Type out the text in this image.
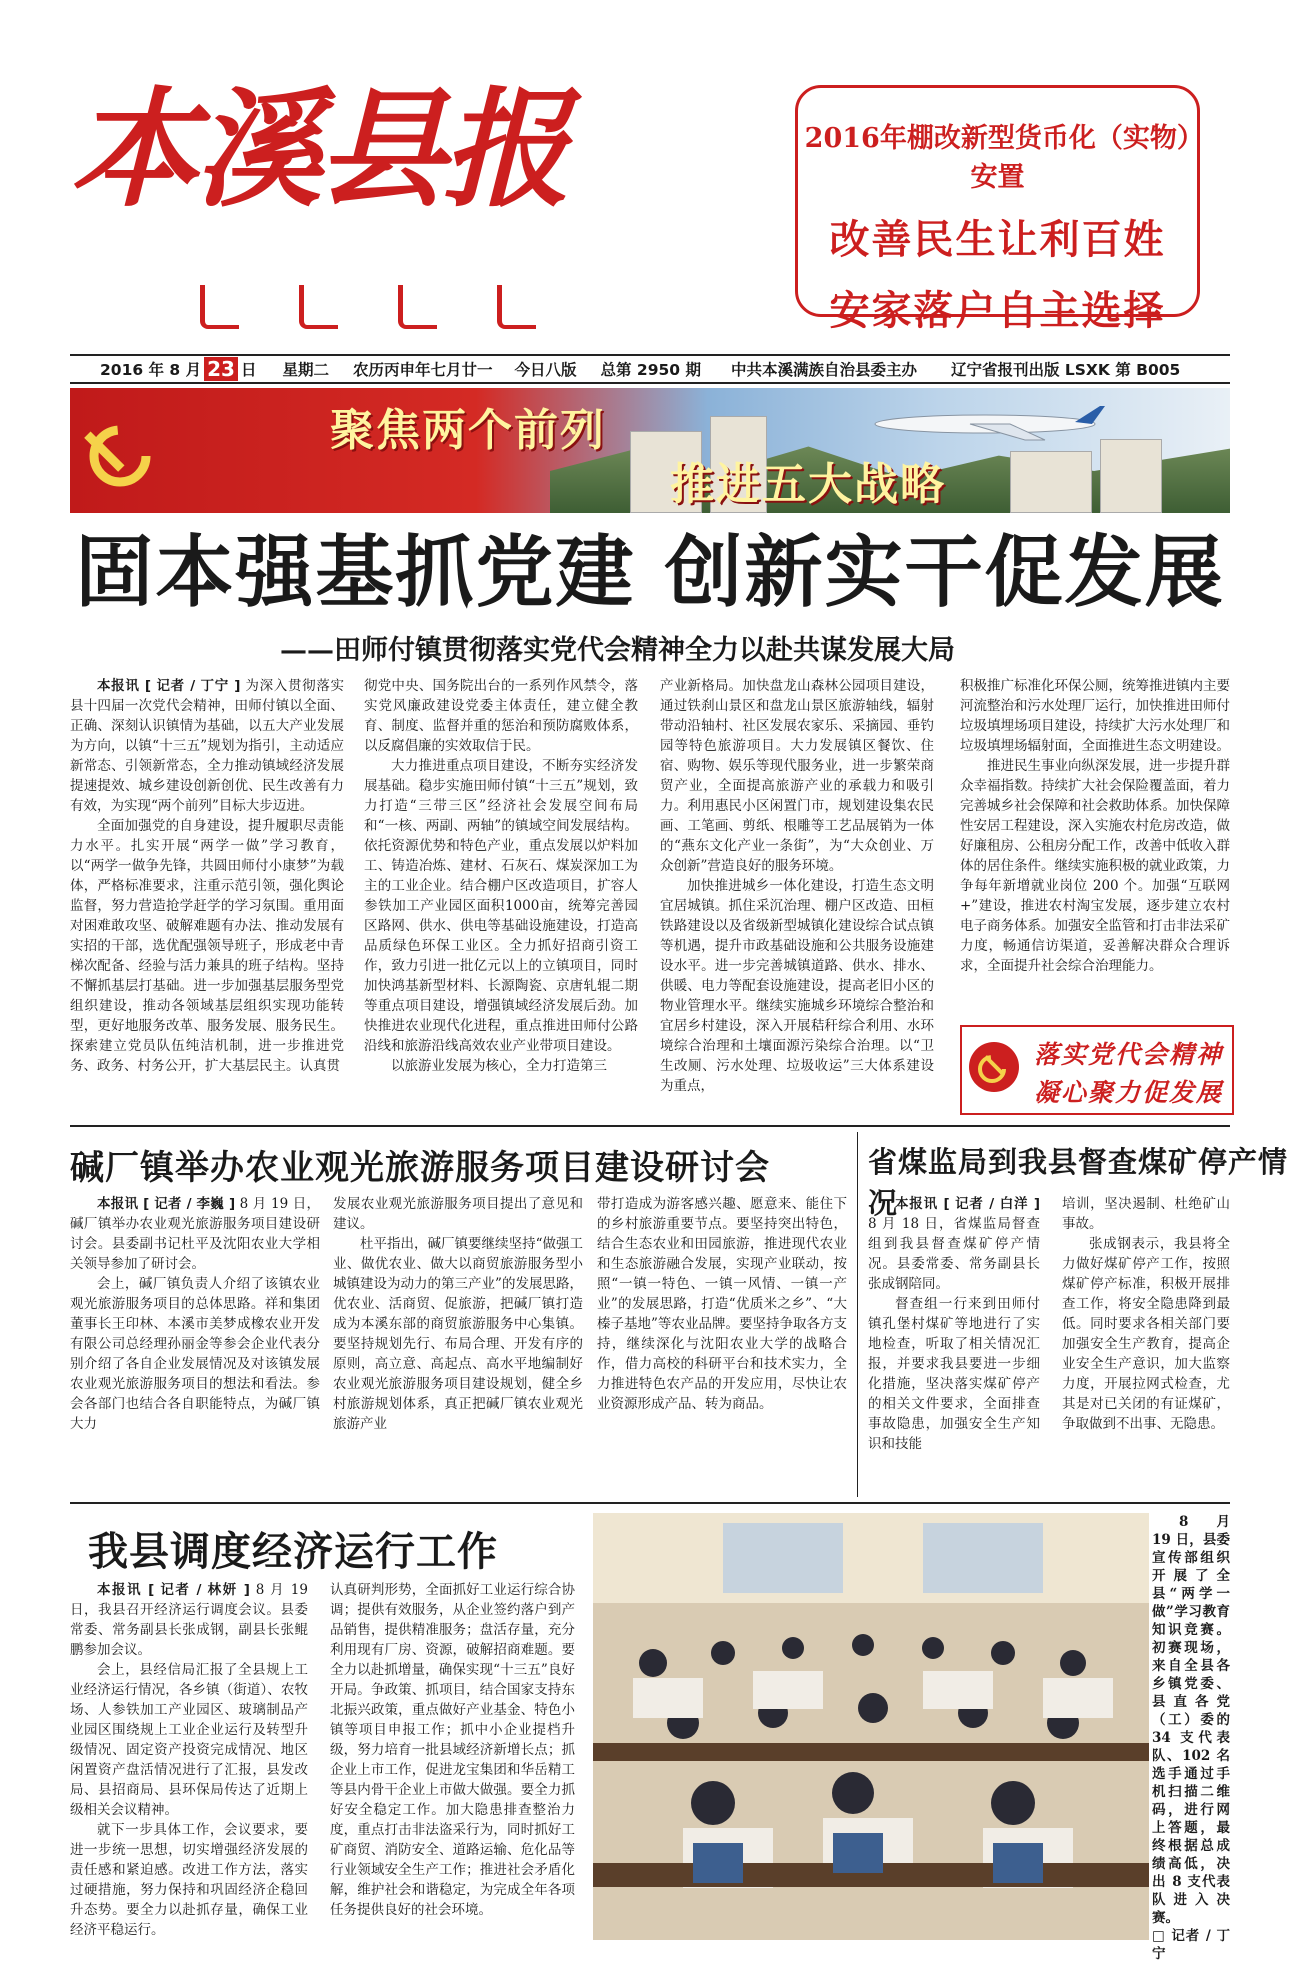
本溪县报	2016年棚改新型货币化（实物）安置
改善民生让利百姓
安家落户自主选择
2016 年 8 月 23 日 星期二 农历丙申年七月廿一 今日八版 总第 2950 期 中共本溪满族自治县委主办 辽宁省报刊出版 LSXK 第 B005
聚焦两个前列
推进五大战略
固本强基抓党建 创新实干促发展
——田师付镇贯彻落实党代会精神全力以赴共谋发展大局

本报讯 [ 记者 / 丁宁 ] 为深入贯彻落实县十四届一次党代会精神，田师付镇以全面、正确、深刻认识镇情为基础，以五大产业发展为方向，以镇“十三五”规划为指引，主动适应新常态、引领新常态，全力推动镇域经济发展提速提效、城乡建设创新创优、民生改善有力有效，为实现“两个前列”目标大步迈进。

全面加强党的自身建设，提升履职尽责能力水平。扎实开展“两学一做”学习教育，以“两学一做争先锋，共圆田师付小康梦”为载体，严格标准要求，注重示范引领，强化舆论监督，努力营造抢学赶学的学习氛围。重用面对困难敢攻坚、破解难题有办法、推动发展有实招的干部，选优配强领导班子，形成老中青梯次配备、经验与活力兼具的班子结构。坚持不懈抓基层打基础。进一步加强基层服务型党组织建设，推动各领域基层组织实现功能转型，更好地服务改革、服务发展、服务民生。探索建立党员队伍纯洁机制，进一步推进党务、政务、村务公开，扩大基层民主。认真贯

彻党中央、国务院出台的一系列作风禁令，落实党风廉政建设党委主体责任，建立健全教育、制度、监督并重的惩治和预防腐败体系，以反腐倡廉的实效取信于民。

大力推进重点项目建设，不断夯实经济发展基础。稳步实施田师付镇“十三五”规划，致力打造“三带三区”经济社会发展空间布局和“一核、两副、两轴”的镇域空间发展结构。依托资源优势和特色产业，重点发展以炉料加工、铸造冶炼、建材、石灰石、煤炭深加工为主的工业企业。结合棚户区改造项目，扩容人参铁加工产业园区面积1000亩，统筹完善园区路网、供水、供电等基础设施建设，打造高品质绿色环保工业区。全力抓好招商引资工作，致力引进一批亿元以上的立镇项目，同时加快鸿基新型材料、长源陶瓷、京唐轧辊二期等重点项目建设，增强镇域经济发展后劲。加快推进农业现代化进程，重点推进田师付公路沿线和旅游沿线高效农业产业带项目建设。

以旅游业发展为核心，全力打造第三

产业新格局。加快盘龙山森林公园项目建设，通过铁刹山景区和盘龙山景区旅游轴线，辐射带动沿轴村、社区发展农家乐、采摘园、垂钓园等特色旅游项目。大力发展镇区餐饮、住宿、购物、娱乐等现代服务业，进一步繁荣商贸产业，全面提高旅游产业的承载力和吸引力。利用惠民小区闲置门市，规划建设集农民画、工笔画、剪纸、根雕等工艺品展销为一体的“燕东文化产业一条街”，为“大众创业、万众创新”营造良好的服务环境。

加快推进城乡一体化建设，打造生态文明宜居城镇。抓住采沉治理、棚户区改造、田桓铁路建设以及省级新型城镇化建设综合试点镇等机遇，提升市政基础设施和公共服务设施建设水平。进一步完善城镇道路、供水、排水、供暖、电力等配套设施建设，提高老旧小区的物业管理水平。继续实施城乡环境综合整治和宜居乡村建设，深入开展秸秆综合利用、水环境综合治理和土壤面源污染综合治理。以“卫生改厕、污水处理、垃圾收运”三大体系建设为重点，

积极推广标准化环保公厕，统筹推进镇内主要河流整治和污水处理厂运行，加快推进田师付垃圾填埋场项目建设，持续扩大污水处理厂和垃圾填埋场辐射面，全面推进生态文明建设。

推进民生事业向纵深发展，进一步提升群众幸福指数。持续扩大社会保险覆盖面，着力完善城乡社会保障和社会救助体系。加快保障性安居工程建设，深入实施农村危房改造，做好廉租房、公租房分配工作，改善中低收入群体的居住条件。继续实施积极的就业政策，力争每年新增就业岗位 200 个。加强“互联网 +”建设，推进农村淘宝发展，逐步建立农村电子商务体系。加强安全监管和打击非法采矿力度，畅通信访渠道，妥善解决群众合理诉求，全面提升社会综合治理能力。

落实党代会精神
凝心聚力促发展
碱厂镇举办农业观光旅游服务项目建设研讨会

本报讯 [ 记者 / 李巍 ] 8 月 19 日，碱厂镇举办农业观光旅游服务项目建设研讨会。县委副书记杜平及沈阳农业大学相关领导参加了研讨会。

会上，碱厂镇负责人介绍了该镇农业观光旅游服务项目的总体思路。祥和集团董事长王印林、本溪市美梦成橡农业开发有限公司总经理孙丽金等参会企业代表分别介绍了各自企业发展情况及对该镇发展农业观光旅游服务项目的想法和看法。参会各部门也结合各自职能特点，为碱厂镇大力

发展农业观光旅游服务项目提出了意见和建议。

杜平指出，碱厂镇要继续坚持“做强工业、做优农业、做大以商贸旅游服务型小城镇建设为动力的第三产业”的发展思路，优农业、活商贸、促旅游，把碱厂镇打造成为本溪东部的商贸旅游服务中心集镇。要坚持规划先行、布局合理、开发有序的原则，高立意、高起点、高水平地编制好农业观光旅游服务项目建设规划，健全乡村旅游规划体系，真正把碱厂镇农业观光旅游产业

带打造成为游客感兴趣、愿意来、能住下的乡村旅游重要节点。要坚持突出特色，结合生态农业和田园旅游，推进现代农业和生态旅游融合发展，实现产业联动，按照“一镇一特色、一镇一风情、一镇一产业”的发展思路，打造“优质米之乡”、“大榛子基地”等农业品牌。要坚持争取各方支持，继续深化与沈阳农业大学的战略合作，借力高校的科研平台和技术实力，全力推进特色农产品的开发应用，尽快让农业资源形成产品、转为商品。

省煤监局到我县督查煤矿停产情况

本报讯 [ 记者 / 白洋 ] 8 月 18 日，省煤监局督查组到我县督查煤矿停产情况。县委常委、常务副县长张成钢陪同。

督查组一行来到田师付镇孔堡村煤矿等地进行了实地检查，听取了相关情况汇报，并要求我县要进一步细化措施，坚决落实煤矿停产的相关文件要求，全面排查事故隐患，加强安全生产知识和技能

培训，坚决遏制、杜绝矿山事故。

张成钢表示，我县将全力做好煤矿停产工作，按照煤矿停产标准，积极开展排查工作，将安全隐患降到最低。同时要求各相关部门要加强安全生产教育，提高企业安全生产意识，加大监察力度，开展拉网式检查，尤其是对已关闭的有证煤矿，争取做到不出事、无隐患。

我县调度经济运行工作

本报讯 [ 记者 / 林妍 ] 8 月 19 日，我县召开经济运行调度会议。县委常委、常务副县长张成钢，副县长张鲲鹏参加会议。

会上，县经信局汇报了全县规上工业经济运行情况，各乡镇（街道）、农牧场、人参铁加工产业园区、玻璃制品产业园区围绕规上工业企业运行及转型升级情况、固定资产投资完成情况、地区闲置资产盘活情况进行了汇报，县发改局、县招商局、县环保局传达了近期上级相关会议精神。

就下一步具体工作，会议要求，要进一步统一思想，切实增强经济发展的责任感和紧迫感。改进工作方法，落实过硬措施，努力保持和巩固经济企稳回升态势。要全力以赴抓存量，确保工业经济平稳运行。

认真研判形势，全面抓好工业运行综合协调；提供有效服务，从企业签约落户到产品销售，提供精准服务；盘活存量，充分利用现有厂房、资源，破解招商难题。要全力以赴抓增量，确保实现“十三五”良好开局。争政策、抓项目，结合国家支持东北振兴政策，重点做好产业基金、特色小镇等项目申报工作；抓中小企业提档升级，努力培育一批县域经济新增长点；抓企业上市工作，促进龙宝集团和华岳精工等县内骨干企业上市做大做强。要全力抓好安全稳定工作。加大隐患排查整治力度，重点打击非法盗采行为，同时抓好工矿商贸、消防安全、道路运输、危化品等行业领域安全生产工作；推进社会矛盾化解，维护社会和谐稳定，为完成全年各项任务提供良好的社会环境。

8 月 19 日，县委宣传部组织开展了全县“两学一做”学习教育知识竞赛。初赛现场，来自全县各乡镇党委、县直各党（工）委的 34 支代表队、102 名选手通过手机扫描二维码，进行网上答题，最终根据总成绩高低，决出 8 支代表队进入决赛。
□ 记者 / 丁宁
